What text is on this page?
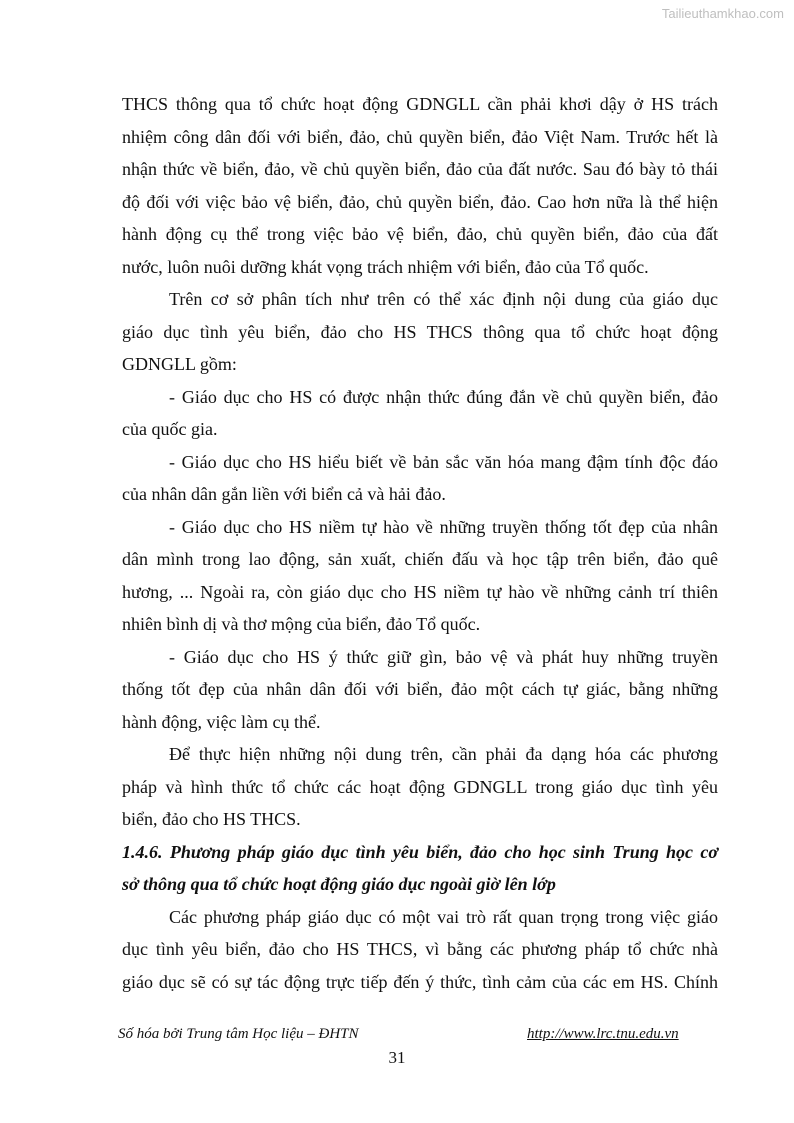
Tailieuthamkhao.com
THCS thông qua tổ chức hoạt động GDNGLL cần phải khơi dậy ở HS trách
nhiệm công dân đối với biển, đảo, chủ quyền biển, đảo Việt Nam. Trước hết là
nhận thức về biển, đảo, về chủ quyền biển, đảo của đất nước. Sau đó bày tỏ thái
độ đối với việc bảo vệ biển, đảo, chủ quyền biển, đảo. Cao hơn nữa là thể hiện
hành động cụ thể trong việc bảo vệ biển, đảo, chủ quyền biển, đảo của đất
nước, luôn nuôi dưỡng khát vọng trách nhiệm với biển, đảo của Tổ quốc.
Trên cơ sở phân tích như trên có thể xác định nội dung của giáo dục
giáo dục tình yêu biển, đảo cho HS THCS thông qua tổ chức hoạt động
GDNGLL gồm:
- Giáo dục cho HS có được nhận thức đúng đắn về chủ quyền biển, đảo
của quốc gia.
- Giáo dục cho HS hiểu biết về bản sắc văn hóa mang đậm tính độc đáo
của nhân dân gắn liền với biển cả và hải đảo.
- Giáo dục cho HS niềm tự hào về những truyền thống tốt đẹp của nhân
dân mình trong lao động, sản xuất, chiến đấu và học tập trên biển, đảo quê
hương, ... Ngoài ra, còn giáo dục cho HS niềm tự hào về những cảnh trí thiên
nhiên bình dị và thơ mộng của biển, đảo Tổ quốc.
- Giáo dục cho HS ý thức giữ gìn, bảo vệ và phát huy những truyền
thống tốt đẹp của nhân dân đối với biển, đảo một cách tự giác, bằng những
hành động, việc làm cụ thể.
Để thực hiện những nội dung trên, cần phải đa dạng hóa các phương
pháp và hình thức tổ chức các hoạt động GDNGLL trong giáo dục tình yêu
biển, đảo cho HS THCS.
1.4.6. Phương pháp giáo dục tình yêu biển, đảo cho học sinh Trung học cơ
sở thông qua tổ chức hoạt động giáo dục ngoài giờ lên lớp
Các phương pháp giáo dục có một vai trò rất quan trọng trong việc giáo
dục tình yêu biển, đảo cho HS THCS, vì bằng các phương pháp tổ chức nhà
giáo dục sẽ có sự tác động trực tiếp đến ý thức, tình cảm của các em HS. Chính
Số hóa bởi Trung tâm Học liệu – ĐHTN	http://www.lrc.tnu.edu.vn
31
